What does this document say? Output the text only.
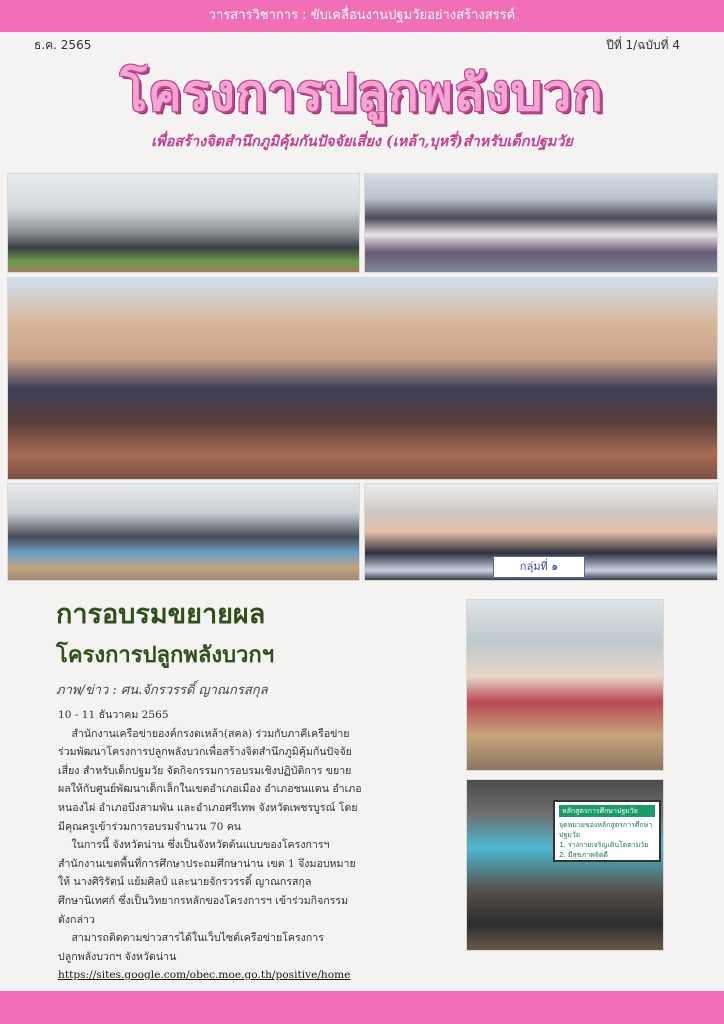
วารสารวิชาการ : ขับเคลื่อนงานปฐมวัยอย่างสร้างสรรค์
ธ.ค. 2565	ปีที่ 1/ฉบับที่ 4
โครงการปลูกพลังบวก
เพื่อสร้างจิตสำนึกภูมิคุ้มกันปัจจัยเสี่ยง (เหล้า,บุหรี่)สำหรับเด็กปฐมวัย
กลุ่มที่ ๑
หลักสูตรการศึกษาปฐมวัย
จุดหมายของหลักสูตรการศึกษาปฐมวัย
1. ร่างกายเจริญเติบโตตามวัย
2. มีสุขภาพจิตดี
การอบรมขยายผล
โครงการปลูกพลังบวกฯ
ภาพ/ข่าว : ศน.จักรวรรดิ์ ญาณกรสกุล

10 - 11 ธันวาคม 2565

สำนักงานเครือข่ายองค์กรงดเหล้า(สคล) ร่วมกับภาคีเครือข่าย

ร่วมพัฒนาโครงการปลูกพลังบวกเพื่อสร้างจิตสำนึกภูมิคุ้มกันปัจจัย

เสี่ยง สำหรับเด็กปฐมวัย จัดกิจกรรมการอบรมเชิงปฏิบัติการ ขยาย

ผลให้กับศูนย์พัฒนาเด็กเล็กในเขตอำเภอเมือง อำเภอชนแดน อำเภอ

หนองไผ่ อำเภอบึงสามพัน และอำเภอศรีเทพ จังหวัดเพชรบูรณ์ โดย

มีคุณครูเข้าร่วมการอบรมจำนวน 70 คน

ในการนี้ จังหวัดน่าน ซึ่งเป็นจังหวัดต้นแบบของโครงการฯ

สำนักงานเขตพื้นที่การศึกษาประถมศึกษาน่าน เขต 1 จึงมอบหมาย

ให้ นางศิริรัตน์ แย้มศิลป์ และนายจักรวรรดิ์ ญาณกรสกุล

ศึกษานิเทศก์ ซึ่งเป็นวิทยากรหลักของโครงการฯ เข้าร่วมกิจกรรม

ดังกล่าว

สามารถติดตามข่าวสารได้ในเว็บไซต์เครือข่ายโครงการ

ปลูกพลังบวกฯ จังหวัดน่าน

https://sites.google.com/obec.moe.go.th/positive/home
